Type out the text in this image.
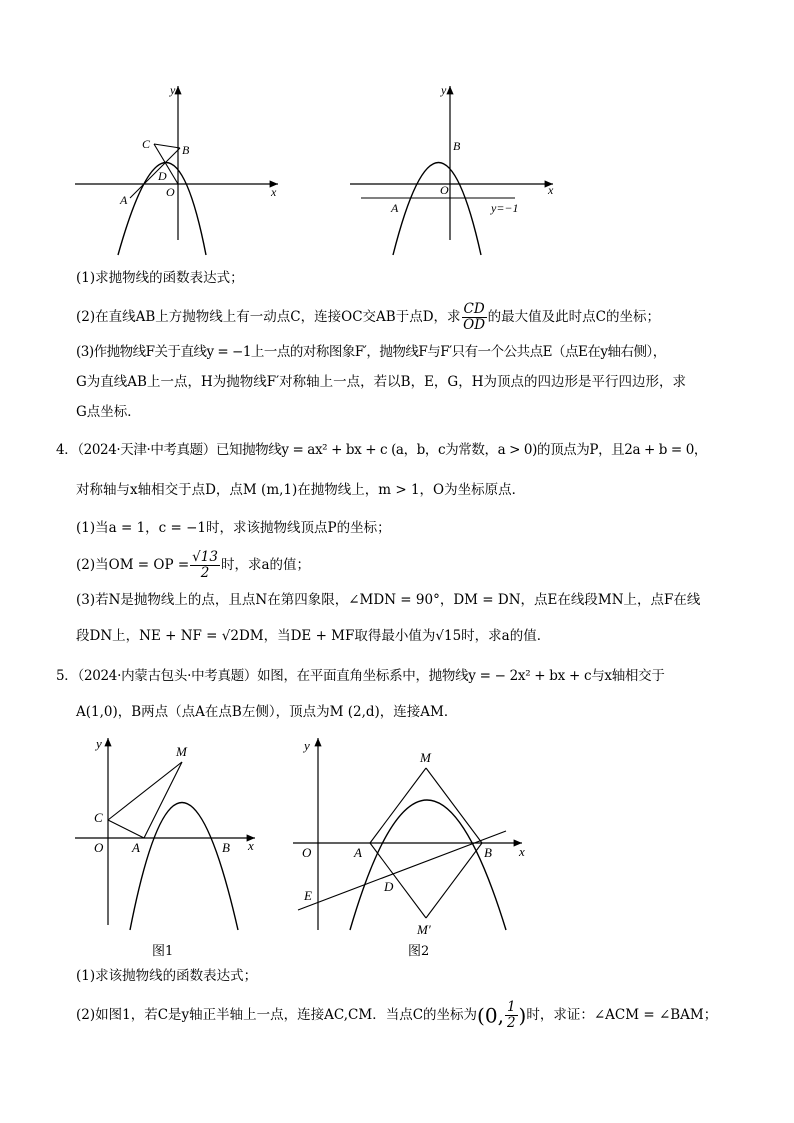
y
x
O
A
B
C
D
y
x
O
A
B
y=−1
(1)求抛物线的函数表达式；
(2)在直线AB上方抛物线上有一动点C，连接OC交AB于点D，求 $\frac{CD}{OD}$ 的最大值及此时点C的坐标；
(3)作抛物线F关于直线y = −1上一点的对称图象F′，抛物线F与F′只有一个公共点E（点E在y轴右侧），
G为直线AB上一点，H为抛物线F′对称轴上一点，若以B，E，G，H为顶点的四边形是平行四边形，求
G点坐标．
4．（2024·天津·中考真题）已知抛物线y = ax² + bx + c (a，b，c为常数，a > 0)的顶点为P，且2a + b = 0，
对称轴与x轴相交于点D，点M (m,1)在抛物线上，m > 1，O为坐标原点．
(1)当a = 1，c = −1时，求该抛物线顶点P的坐标；
(2)当OM = OP = $\frac{√13}{2}$ 时，求a的值；
(3)若N是抛物线上的点，且点N在第四象限，∠MDN = 90°，DM = DN，点E在线段MN上，点F在线
段DN上，NE + NF = √2DM，当DE + MF取得最小值为√15时，求a的值．
5．（2024·内蒙古包头·中考真题）如图，在平面直角坐标系中，抛物线y = − 2x² + bx + c与x轴相交于
A(1,0)，B两点（点A在点B左侧），顶点为M (2,d)，连接AM．
y
x
O A	B
C
M
图1
y
x
O	A	B
M
M′
D
E
图2
(1)求该抛物线的函数表达式；
(2)如图1，若C是y轴正半轴上一点，连接AC,CM．当点C的坐标为(0, $\frac{1}{2}$ )时，求证：∠ACM = ∠BAM；
